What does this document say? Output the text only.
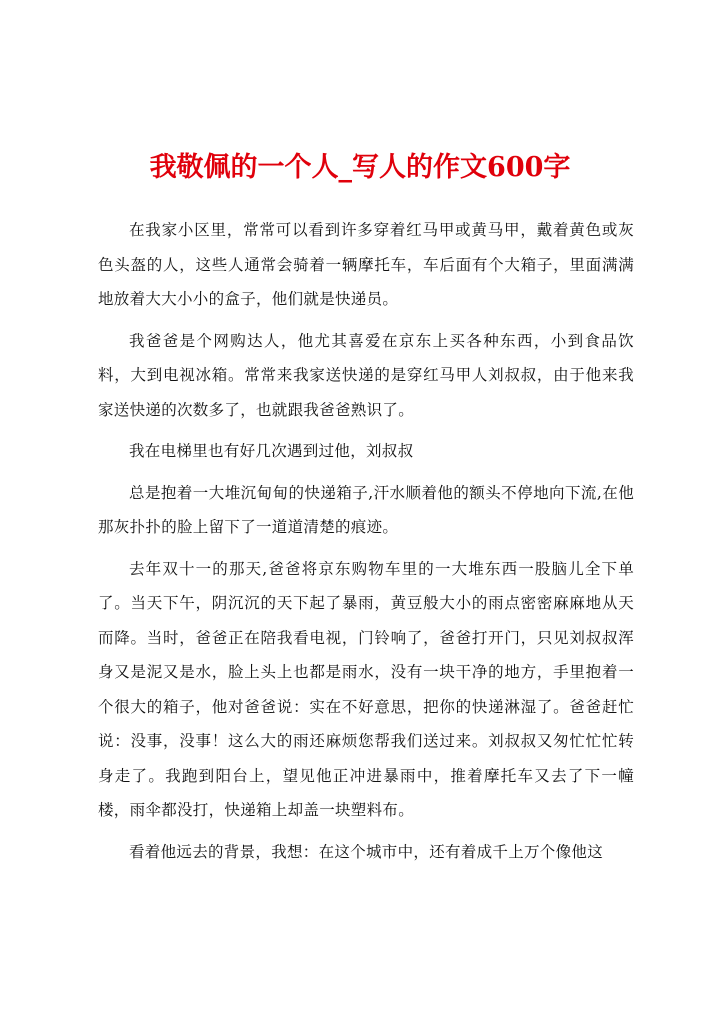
我敬佩的一个人_写人的作文600字

在我家小区里，常常可以看到许多穿着红马甲或黄马甲，戴着黄色或灰色头盔的人，这些人通常会骑着一辆摩托车，车后面有个大箱子，里面满满地放着大大小小的盒子，他们就是快递员。

我爸爸是个网购达人，他尤其喜爱在京东上买各种东西，小到食品饮料，大到电视冰箱。常常来我家送快递的是穿红马甲人刘叔叔，由于他来我家送快递的次数多了，也就跟我爸爸熟识了。

我在电梯里也有好几次遇到过他，刘叔叔

总是抱着一大堆沉甸甸的快递箱子,汗水顺着他的额头不停地向下流,在他那灰扑扑的脸上留下了一道道清楚的痕迹。

去年双十一的那天,爸爸将京东购物车里的一大堆东西一股脑儿全下单了。当天下午，阴沉沉的天下起了暴雨，黄豆般大小的雨点密密麻麻地从天而降。当时，爸爸正在陪我看电视，门铃响了，爸爸打开门，只见刘叔叔浑身又是泥又是水，脸上头上也都是雨水，没有一块干净的地方，手里抱着一个很大的箱子，他对爸爸说：实在不好意思，把你的快递淋湿了。爸爸赶忙说：没事，没事！这么大的雨还麻烦您帮我们送过来。刘叔叔又匆忙忙忙转身走了。我跑到阳台上，望见他正冲进暴雨中，推着摩托车又去了下一幢楼，雨伞都没打，快递箱上却盖一块塑料布。

看着他远去的背景，我想：在这个城市中，还有着成千上万个像他这
